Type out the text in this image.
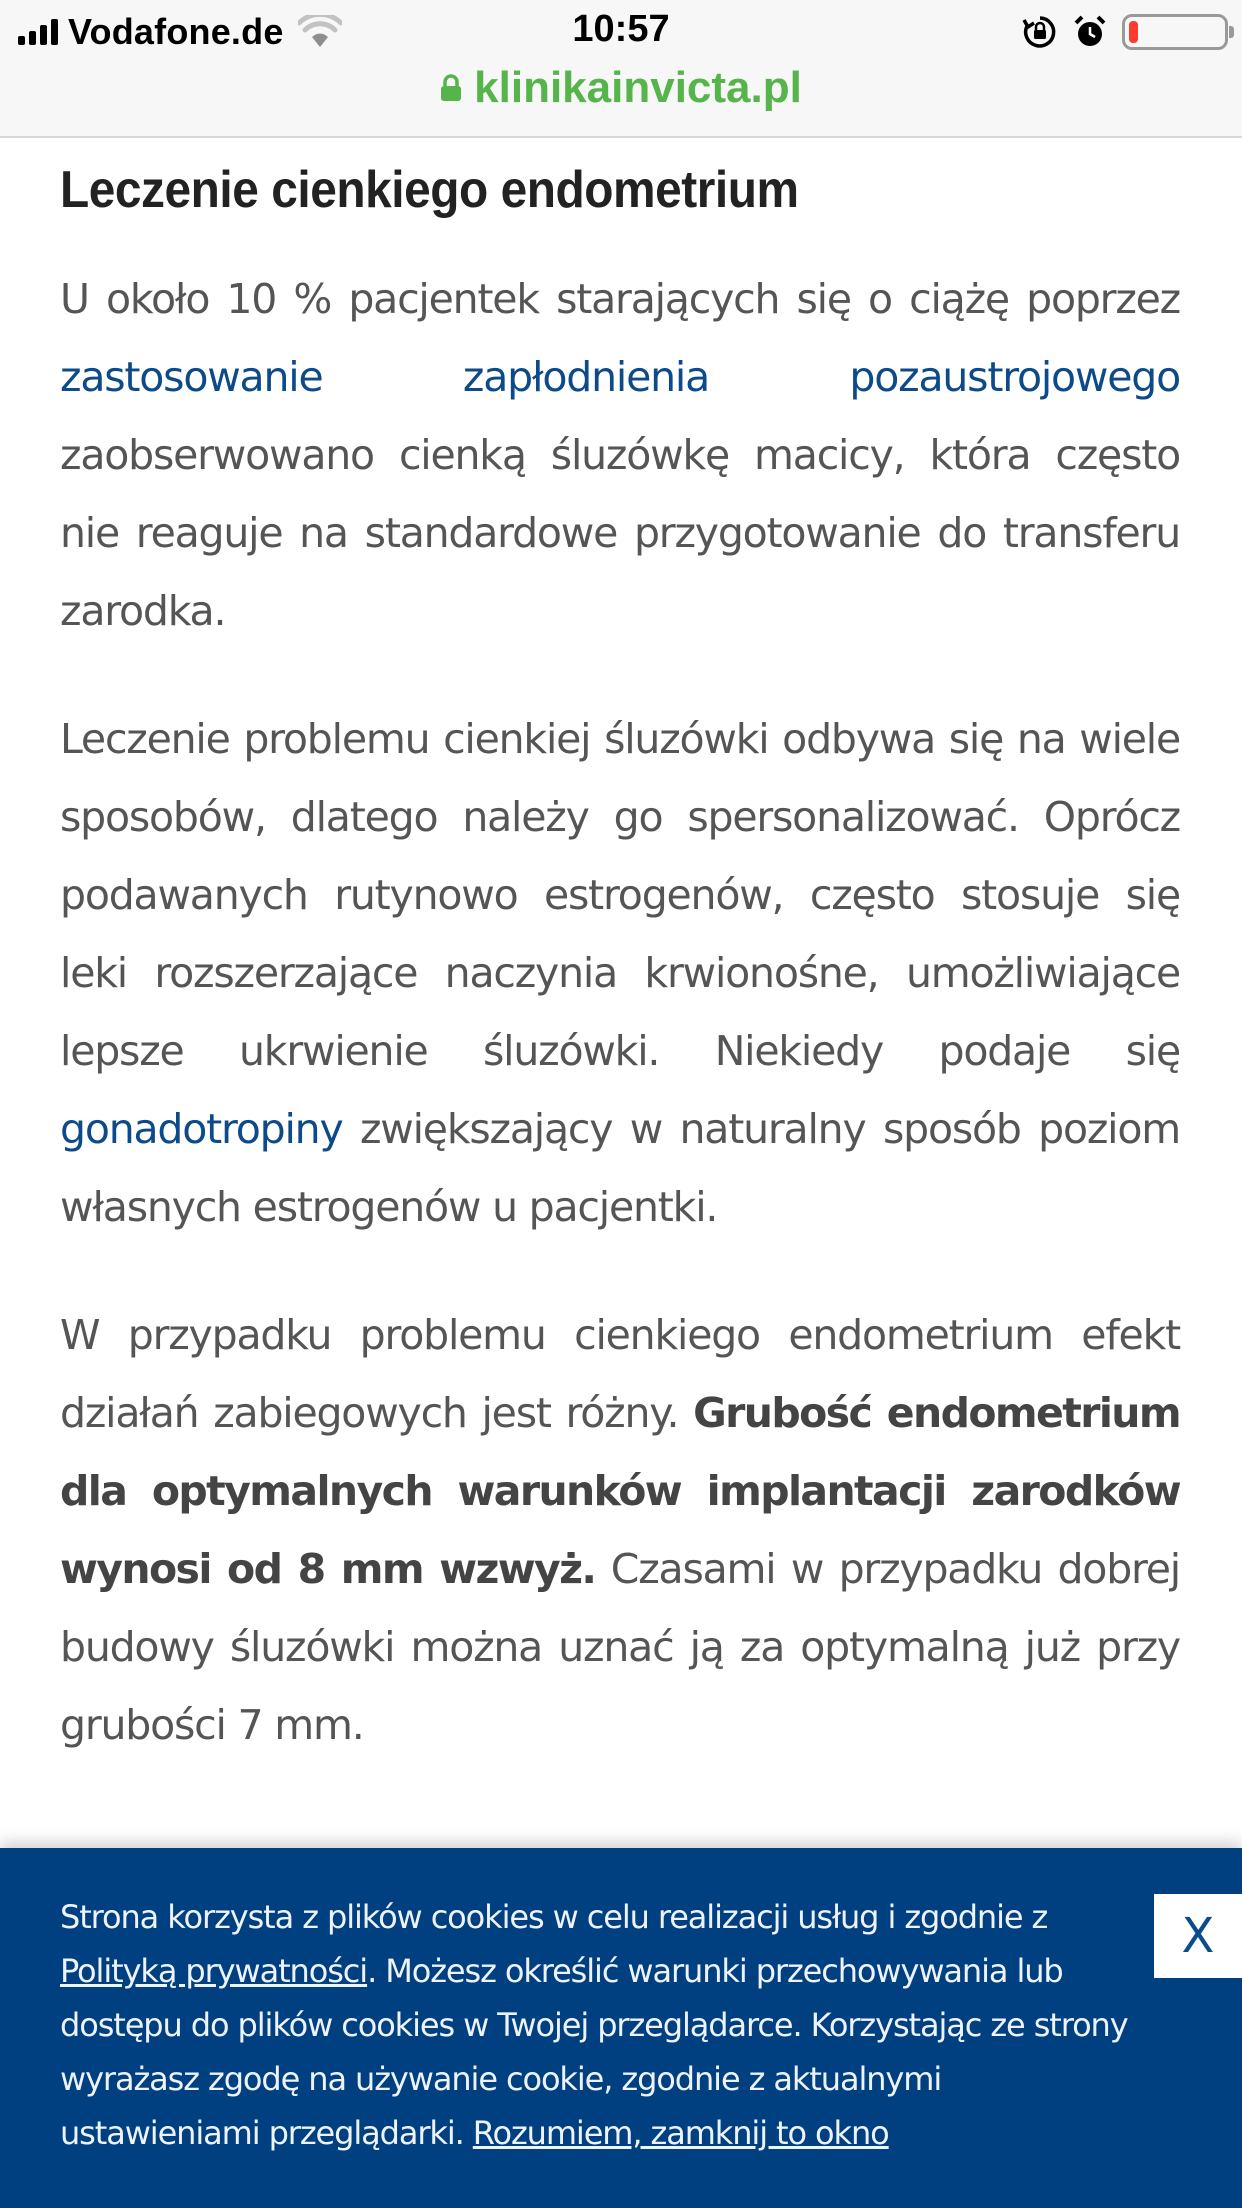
Vodafone.de	10:57
klinikainvicta.pl
Leczenie cienkiego endometrium

U około 10 % pacjentek starających się o ciążę poprzez zastosowanie zapłodnienia pozaustrojowego zaobserwowano cienką śluzówkę macicy, która często nie reaguje na standardowe przygotowanie do transferu zarodka.

Leczenie problemu cienkiej śluzówki odbywa się na wiele sposobów, dlatego należy go spersonalizować. Oprócz podawanych rutynowo estrogenów, często stosuje się leki rozszerzające naczynia krwionośne, umożliwiające lepsze ukrwienie śluzówki. Niekiedy podaje się gonadotropiny zwiększający w naturalny sposób poziom własnych estrogenów u pacjentki.

W przypadku problemu cienkiego endometrium efekt działań zabiegowych jest różny. Grubość endometrium dla optymalnych warunków implantacji zarodków wynosi od 8 mm wzwyż. Czasami w przypadku dobrej budowy śluzówki można uznać ją za optymalną już przy grubości 7 mm.

Strona korzysta z plików cookies w celu realizacji usług i zgodnie z Polityką prywatności. Możesz określić warunki przechowywania lub dostępu do plików cookies w Twojej przeglądarce. Korzystając ze strony wyrażasz zgodę na używanie cookie, zgodnie z aktualnymi ustawieniami przeglądarki. Rozumiem, zamknij to okno
X
